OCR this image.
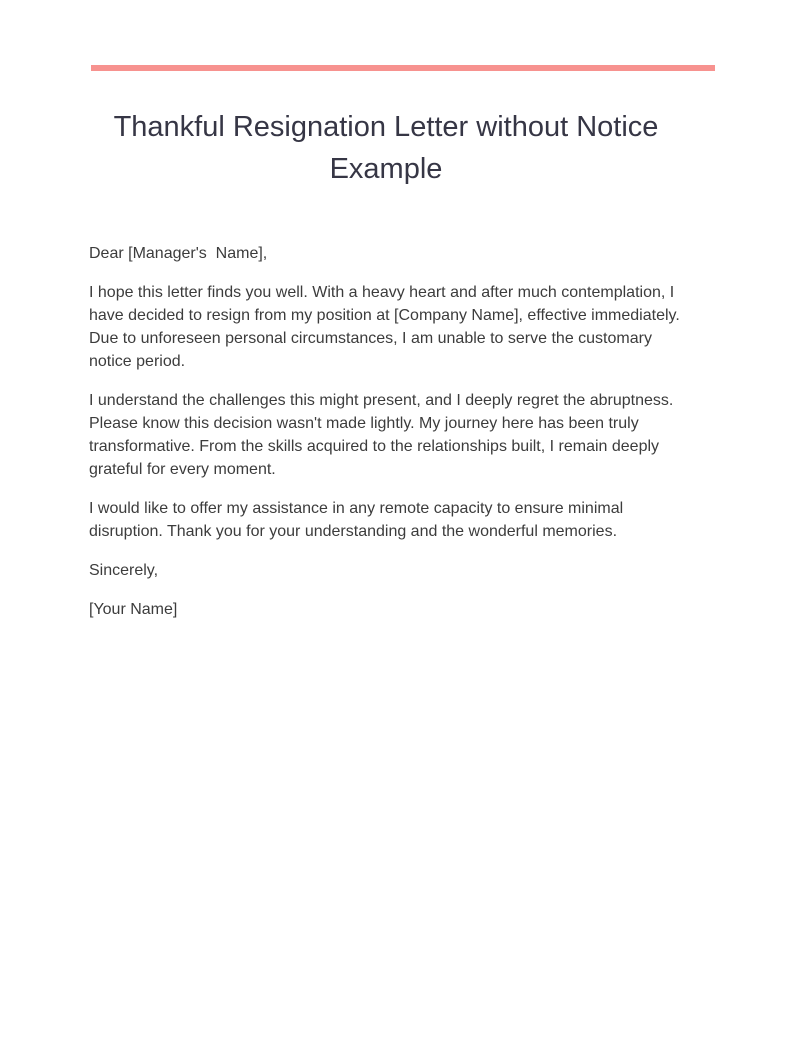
Thankful Resignation Letter without Notice Example

Dear [Manager's  Name],

I hope this letter finds you well. With a heavy heart and after much contemplation, I have decided to resign from my position at [Company Name], effective immediately. Due to unforeseen personal circumstances, I am unable to serve the customary notice period.

I understand the challenges this might present, and I deeply regret the abruptness. Please know this decision wasn't made lightly. My journey here has been truly transformative. From the skills acquired to the relationships built, I remain deeply grateful for every moment.

I would like to offer my assistance in any remote capacity to ensure minimal disruption. Thank you for your understanding and the wonderful memories.

Sincerely,

[Your Name]
